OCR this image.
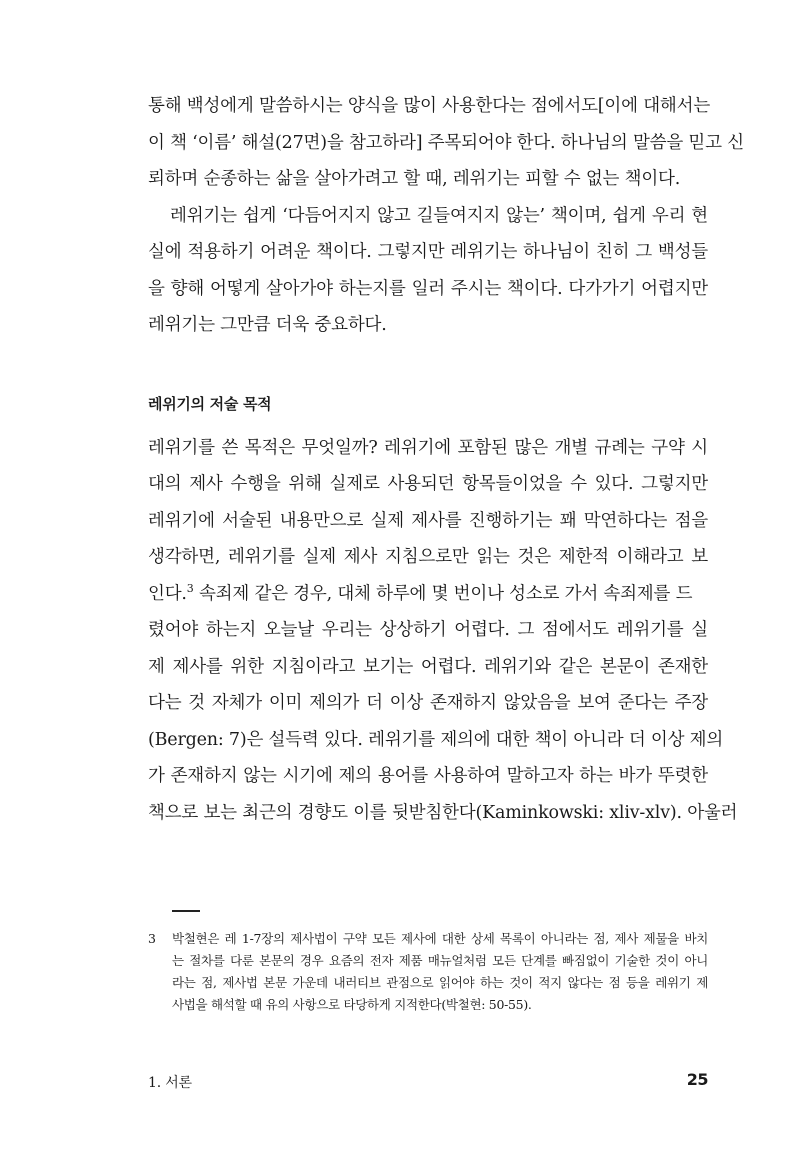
통해 백성에게 말씀하시는 양식을 많이 사용한다는 점에서도[이에 대해서는
이 책 ‘이름’ 해설(27면)을 참고하라] 주목되어야 한다. 하나님의 말씀을 믿고 신
뢰하며 순종하는 삶을 살아가려고 할 때, 레위기는 피할 수 없는 책이다.
레위기는 쉽게 ‘다듬어지지 않고 길들여지지 않는’ 책이며, 쉽게 우리 현
실에 적용하기 어려운 책이다. 그렇지만 레위기는 하나님이 친히 그 백성들
을 향해 어떻게 살아가야 하는지를 일러 주시는 책이다. 다가가기 어렵지만
레위기는 그만큼 더욱 중요하다.
레위기의 저술 목적
레위기를 쓴 목적은 무엇일까? 레위기에 포함된 많은 개별 규례는 구약 시
대의 제사 수행을 위해 실제로 사용되던 항목들이었을 수 있다. 그렇지만
레위기에 서술된 내용만으로 실제 제사를 진행하기는 꽤 막연하다는 점을
생각하면, 레위기를 실제 제사 지침으로만 읽는 것은 제한적 이해라고 보
인다.$^3$ 속죄제 같은 경우, 대체 하루에 몇 번이나 성소로 가서 속죄제를 드
렸어야 하는지 오늘날 우리는 상상하기 어렵다. 그 점에서도 레위기를 실
제 제사를 위한 지침이라고 보기는 어렵다. 레위기와 같은 본문이 존재한
다는 것 자체가 이미 제의가 더 이상 존재하지 않았음을 보여 준다는 주장
(Bergen: 7)은 설득력 있다. 레위기를 제의에 대한 책이 아니라 더 이상 제의
가 존재하지 않는 시기에 제의 용어를 사용하여 말하고자 하는 바가 뚜렷한
책으로 보는 최근의 경향도 이를 뒷받침한다(Kaminkowski: xliv-xlv). 아울러
3 박철현은 레 1-7장의 제사법이 구약 모든 제사에 대한 상세 목록이 아니라는 점, 제사 제물을 바치
는 절차를 다룬 본문의 경우 요즘의 전자 제품 매뉴얼처럼 모든 단계를 빠짐없이 기술한 것이 아니
라는 점, 제사법 본문 가운데 내러티브 관점으로 읽어야 하는 것이 적지 않다는 점 등을 레위기 제
사법을 해석할 때 유의 사항으로 타당하게 지적한다(박철현: 50-55).
1. 서론	25
